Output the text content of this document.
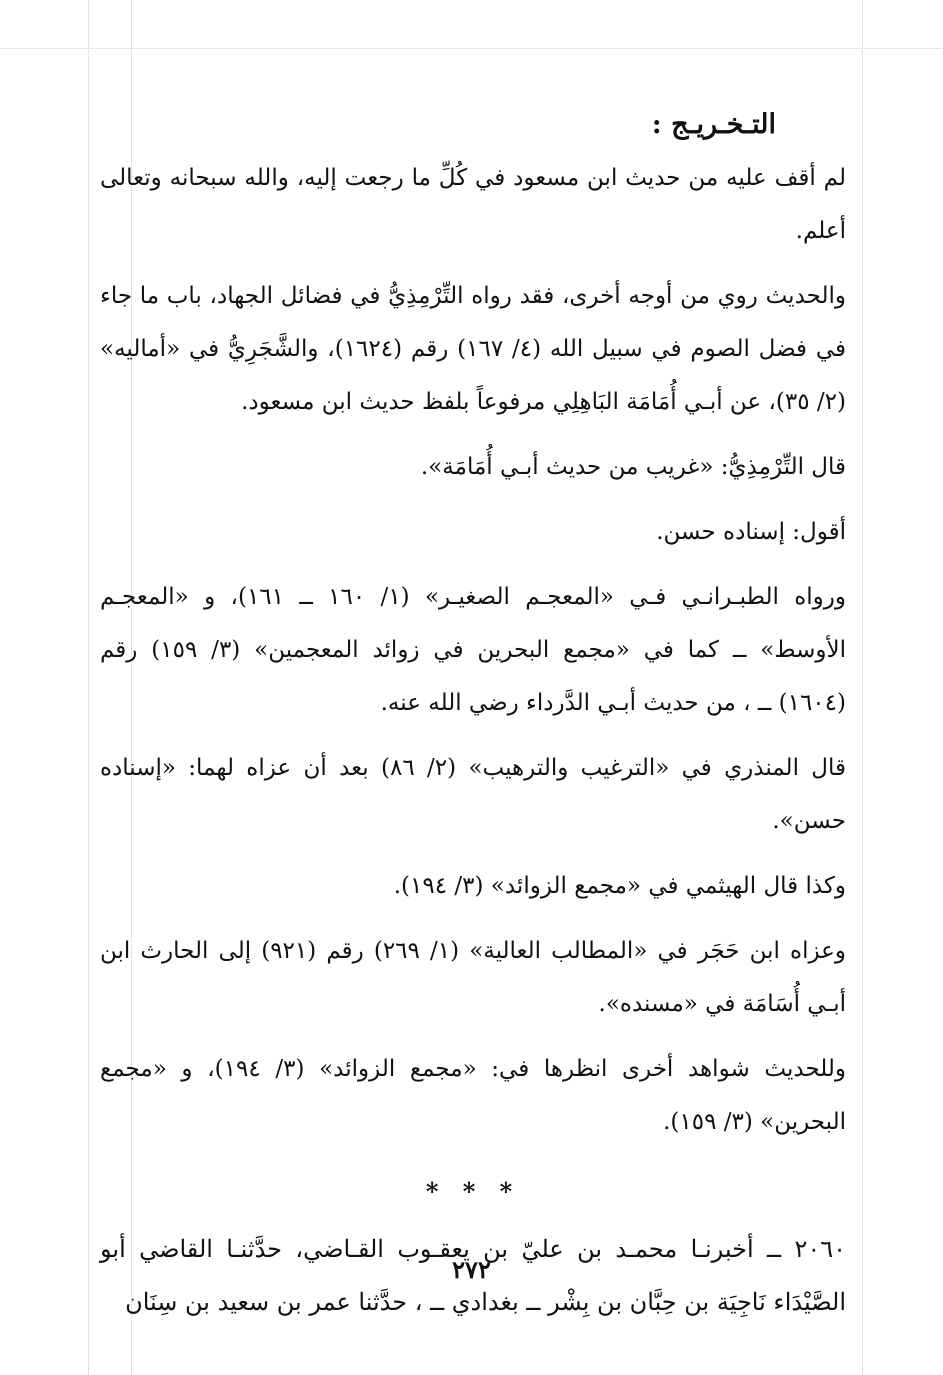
التـخـريـج :

لم أقف عليه من حديث ابن مسعود في كُلِّ ما رجعت إليه، والله سبحانه وتعالى أعلم.

والحديث روي من أوجه أخرى، فقد رواه التِّرْمِذِيُّ في فضائل الجهاد، باب ما جاء في فضل الصوم في سبيل الله (٤/ ١٦٧) رقم (١٦٢٤)، والشَّجَرِيُّ في «أماليه» (٢/ ٣٥)، عن أبـي أُمَامَة البَاهِلِي مرفوعاً بلفظ حديث ابن مسعود.

قال التِّرْمِذِيُّ: «غريب من حديث أبـي أُمَامَة».

أقول: إسناده حسن.

ورواه الطبـرانـي فـي «المعجـم الصغيـر» (١/ ١٦٠ ــ ١٦١)، و «المعجـم الأوسط» ــ كما في «مجمع البحرين في زوائد المعجمين» (٣/ ١٥٩) رقم (١٦٠٤) ــ ، من حديث أبـي الدَّرداء رضي الله عنه.

قال المنذري في «الترغيب والترهيب» (٢/ ٨٦) بعد أن عزاه لهما: «إسناده حسن».

وكذا قال الهيثمي في «مجمع الزوائد» (٣/ ١٩٤).

وعزاه ابن حَجَر في «المطالب العالية» (١/ ٢٦٩) رقم (٩٢١) إلى الحارث ابن أبـي أُسَامَة في «مسنده».

وللحديث شواهد أخرى انظرها في: «مجمع الزوائد» (٣/ ١٩٤)، و «مجمع البحرين» (٣/ ١٥٩).

* * *

٢٠٦٠ ــ أخبرنـا محمـد بن عليّ بن يعقـوب القـاضي، حدَّثنـا القاضي أبو الصَّيْدَاء نَاجِيَة بن حِبَّان بن بِشْر ــ بغدادي ــ ، حدَّثنا عمر بن سعيد بن سِنَان

٢٧٢
